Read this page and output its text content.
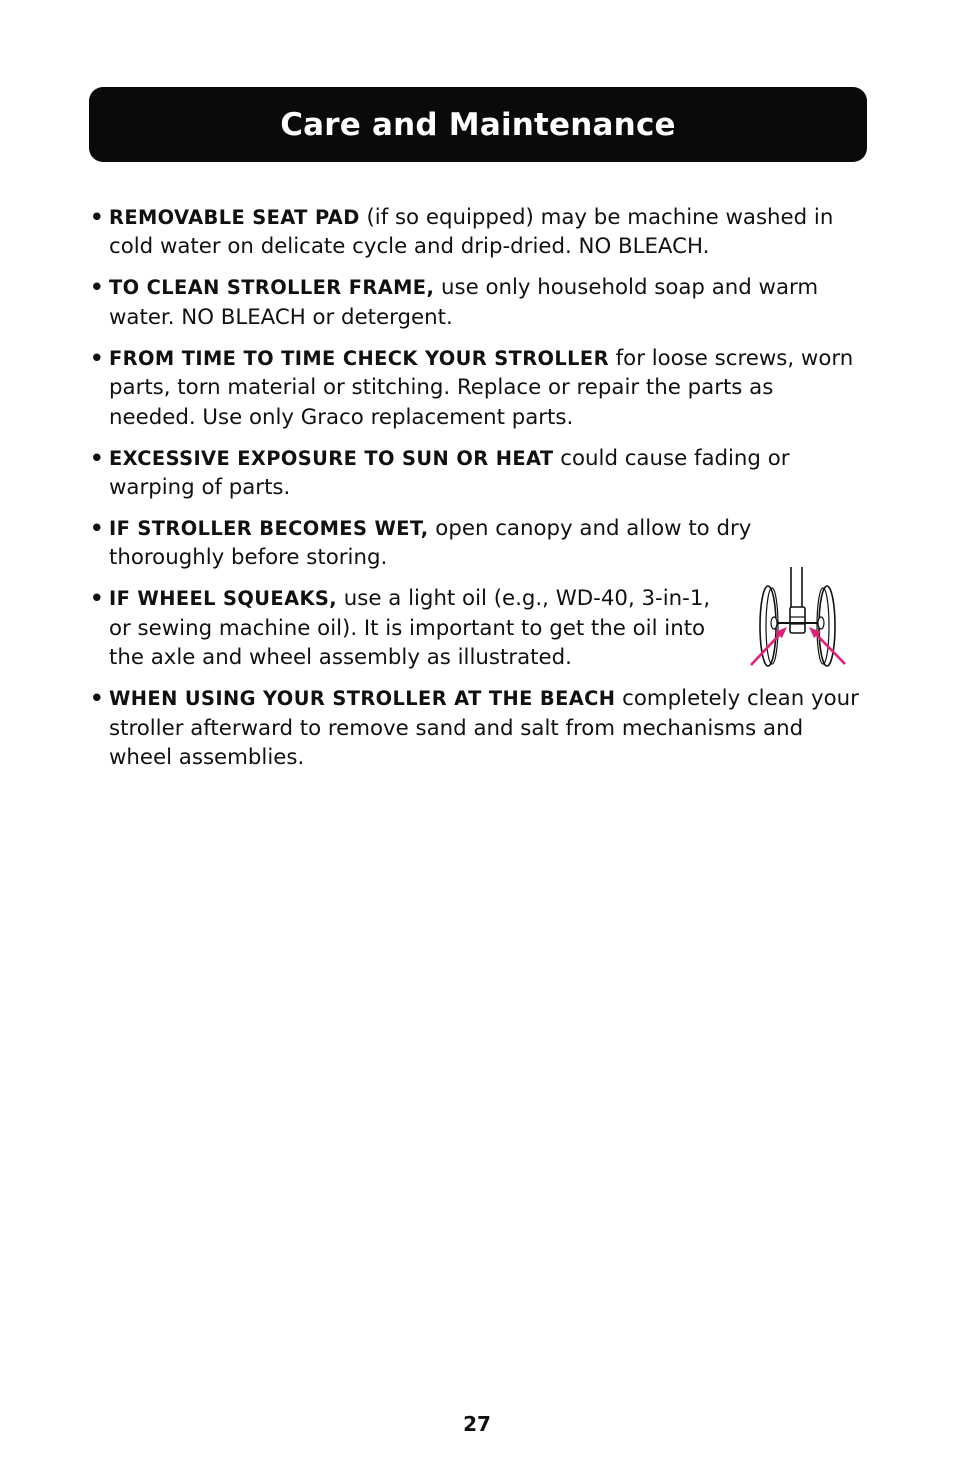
Care and Maintenance
• REMOVABLE SEAT PAD (if so equipped) may be machine washed in cold water on delicate cycle and drip-dried. NO BLEACH.
• TO CLEAN STROLLER FRAME, use only household soap and warm water. NO BLEACH or detergent.
• FROM TIME TO TIME CHECK YOUR STROLLER for loose screws, worn parts, torn material or stitching. Replace or repair the parts as needed. Use only Graco replacement parts.
• EXCESSIVE EXPOSURE TO SUN OR HEAT could cause fading or warping of parts.
• IF STROLLER BECOMES WET, open canopy and allow to dry thoroughly before storing.
• IF WHEEL SQUEAKS, use a light oil (e.g., WD-40, 3-in-1, or sewing machine oil). It is important to get the oil into the axle and wheel assembly as illustrated.
• WHEN USING YOUR STROLLER AT THE BEACH completely clean your stroller afterward to remove sand and salt from mechanisms and wheel assemblies.
27
